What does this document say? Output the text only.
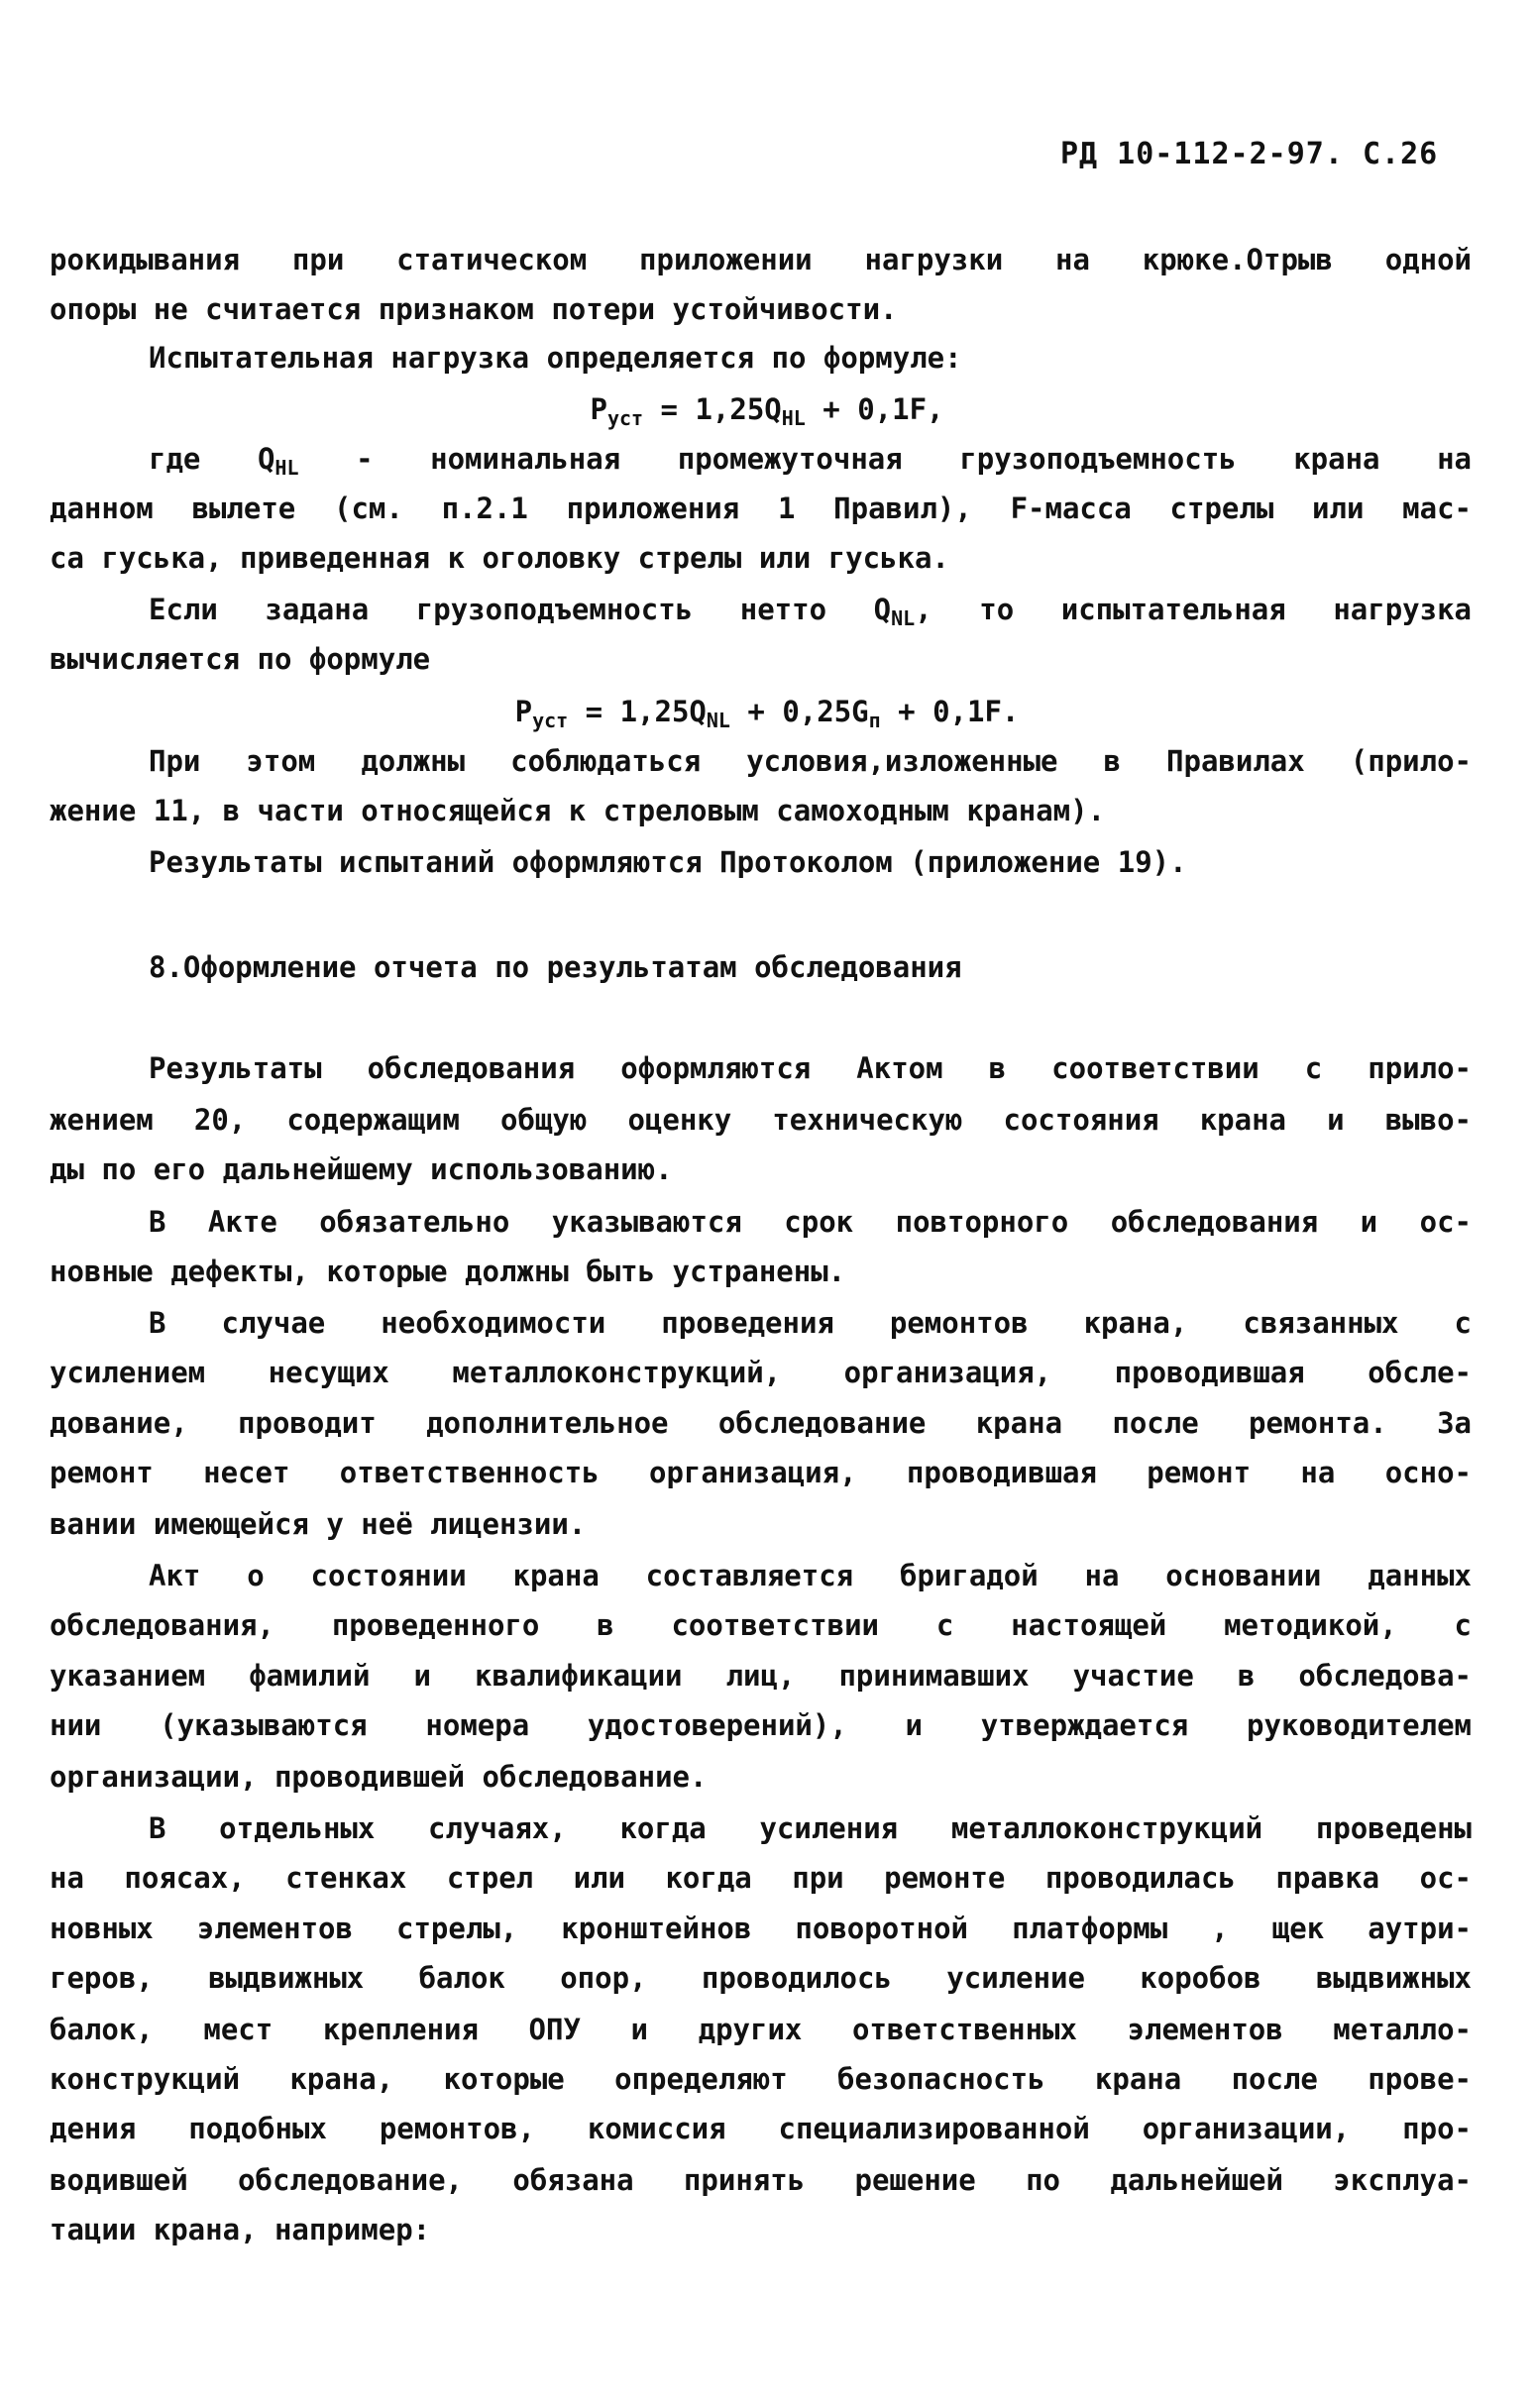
РД 10-112-2-97. С.26
рокидывания при статическом приложении нагрузки на крюке.Отрыв одной
опоры не считается признаком потери устойчивости.
Испытательная нагрузка определяется по формуле:
$P_{уст} = 1,25Q_{HL} + 0,1F$,
где $Q_{HL}$ - номинальная промежуточная грузоподъемность крана на
данном вылете (см. п.2.1 приложения 1 Правил), F-масса стрелы или мас-
са гуська, приведенная к оголовку стрелы или гуська.
Если задана грузоподъемность нетто $Q_{NL}$, то испытательная нагрузка
вычисляется по формуле
$P_{уст} = 1,25Q_{NL} + 0,25G_п + 0,1F$.
При этом должны соблюдаться условия,изложенные в Правилах (прило-
жение 11, в части относящейся к стреловым самоходным кранам).
Результаты испытаний оформляются Протоколом (приложение 19).
8.Оформление отчета по результатам обследования
Результаты обследования оформляются Актом в соответствии с прило-
жением 20, содержащим общую оценку техническую состояния крана и выво-
ды по его дальнейшему использованию.
В Акте обязательно указываются срок повторного обследования и ос-
новные дефекты, которые должны быть устранены.
В случае необходимости проведения ремонтов крана, связанных с
усилением несущих металлоконструкций, организация, проводившая обсле-
дование, проводит дополнительное обследование крана после ремонта. За
ремонт несет ответственность организация, проводившая ремонт на осно-
вании имеющейся у неё лицензии.
Акт о состоянии крана составляется бригадой на основании данных
обследования, проведенного в соответствии с настоящей методикой, с
указанием фамилий и квалификации лиц, принимавших участие в обследова-
нии (указываются номера удостоверений), и утверждается руководителем
организации, проводившей обследование.
В отдельных случаях, когда усиления металлоконструкций проведены
на поясах, стенках стрел или когда при ремонте проводилась правка ос-
новных элементов стрелы, кронштейнов поворотной платформы , щек аутри-
геров, выдвижных балок опор, проводилось усиление коробов выдвижных
балок, мест крепления ОПУ и других ответственных элементов металло-
конструкций крана, которые определяют безопасность крана после прове-
дения подобных ремонтов, комиссия специализированной организации, про-
водившей обследование, обязана принять решение по дальнейшей эксплуа-
тации крана, например:
